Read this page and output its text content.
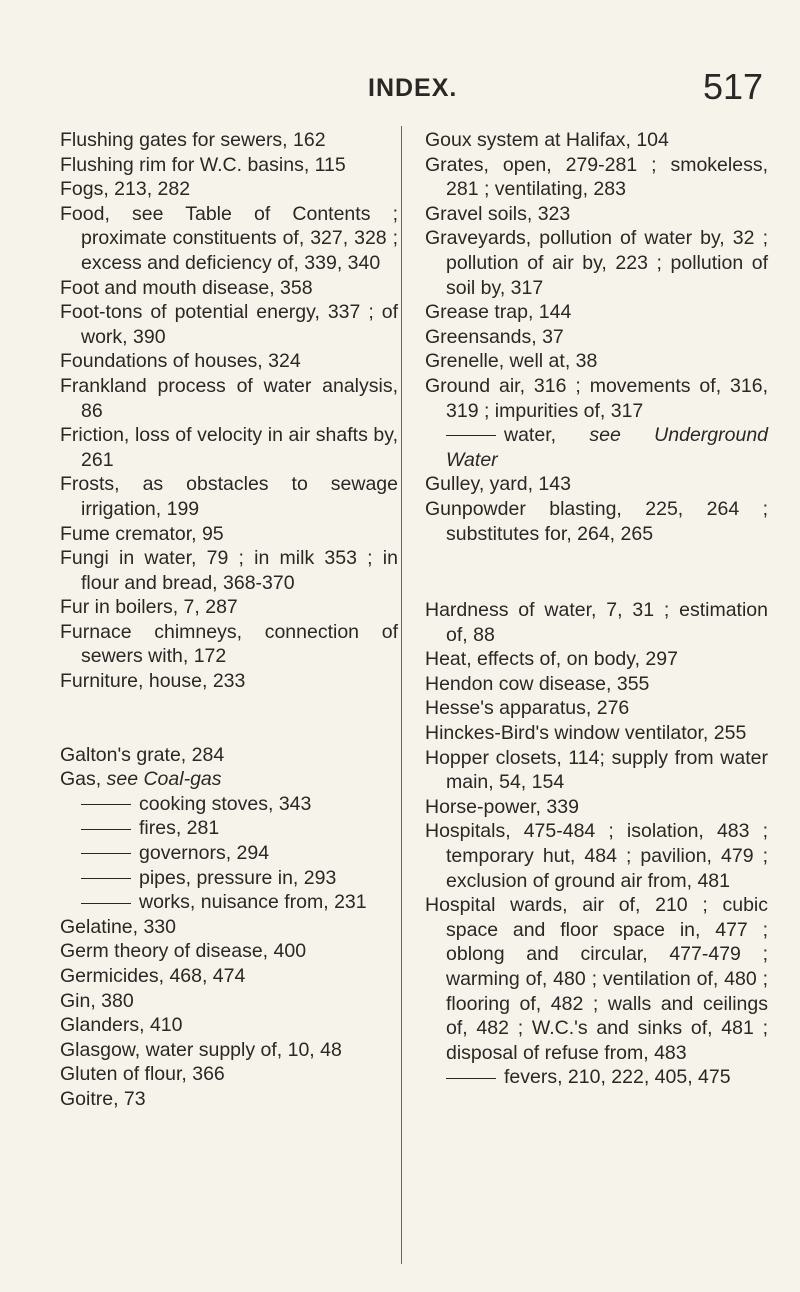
INDEX.	517

Flushing gates for sewers, 162

Flushing rim for W.C. basins, 115

Fogs, 213, 282

Food, see Table of Contents ; proximate constituents of, 327, 328 ; excess and deficiency of, 339, 340

Foot and mouth disease, 358

Foot-tons of potential energy, 337 ; of work, 390

Foundations of houses, 324

Frankland process of water analysis, 86

Friction, loss of velocity in air shafts by, 261

Frosts, as obstacles to sewage irrigation, 199

Fume cremator, 95

Fungi in water, 79 ; in milk 353 ; in flour and bread, 368-370

Fur in boilers, 7, 287

Furnace chimneys, connection of sewers with, 172

Furniture, house, 233

Galton's grate, 284

Gas, see Coal-gas

cooking stoves, 343

fires, 281

governors, 294

pipes, pressure in, 293

works, nuisance from, 231

Gelatine, 330

Germ theory of disease, 400

Germicides, 468, 474

Gin, 380

Glanders, 410

Glasgow, water supply of, 10, 48

Gluten of flour, 366

Goitre, 73

Goux system at Halifax, 104

Grates, open, 279-281 ; smokeless, 281 ; ventilating, 283

Gravel soils, 323

Graveyards, pollution of water by, 32 ; pollution of air by, 223 ; pollution of soil by, 317

Grease trap, 144

Greensands, 37

Grenelle, well at, 38

Ground air, 316 ; movements of, 316, 319 ; impurities of, 317

water, see Underground Water

Gulley, yard, 143

Gunpowder blasting, 225, 264 ; substitutes for, 264, 265

Hardness of water, 7, 31 ; estimation of, 88

Heat, effects of, on body, 297

Hendon cow disease, 355

Hesse's apparatus, 276

Hinckes-Bird's window ventilator, 255

Hopper closets, 114; supply from water main, 54, 154

Horse-power, 339

Hospitals, 475-484 ; isolation, 483 ; temporary hut, 484 ; pavilion, 479 ; exclusion of ground air from, 481

Hospital wards, air of, 210 ; cubic space and floor space in, 477 ; oblong and circular, 477-479 ; warming of, 480 ; ventilation of, 480 ; flooring of, 482 ; walls and ceilings of, 482 ; W.C.'s and sinks of, 481 ; disposal of refuse from, 483

fevers, 210, 222, 405, 475
